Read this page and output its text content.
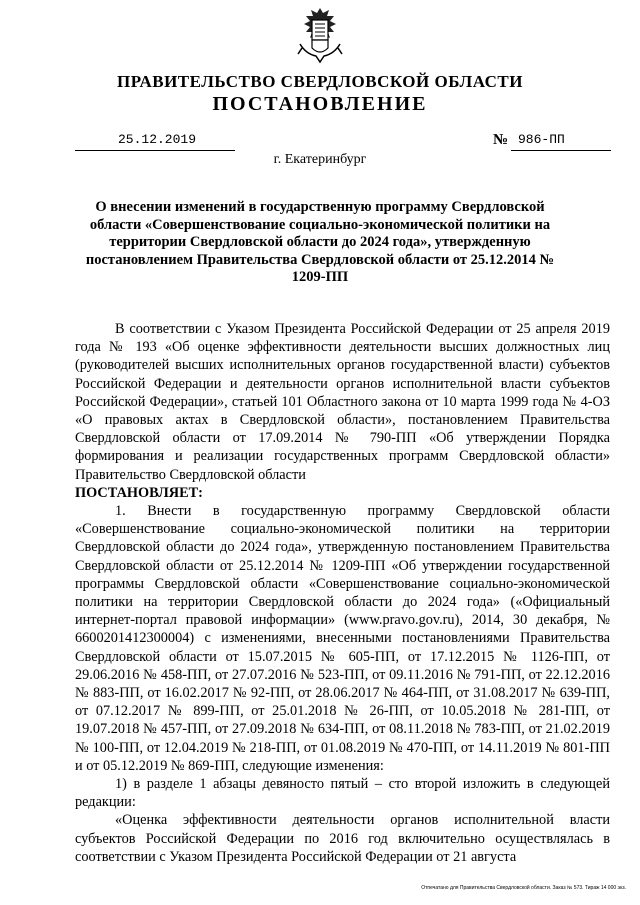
ПРАВИТЕЛЬСТВО СВЕРДЛОВСКОЙ ОБЛАСТИ
ПОСТАНОВЛЕНИЕ
25.12.2019	№ 986-ПП
г. Екатеринбург
О внесении изменений в государственную программу Свердловской области «Совершенствование социально-экономической политики на территории Свердловской области до 2024 года», утвержденную постановлением Правительства Свердловской области от 25.12.2014 № 1209-ПП

В соответствии с Указом Президента Российской Федерации от 25 апреля 2019 года № 193 «Об оценке эффективности деятельности высших должностных лиц (руководителей высших исполнительных органов государственной власти) субъектов Российской Федерации и деятельности органов исполнительной власти субъектов Российской Федерации», статьей 101 Областного закона от 10 марта 1999 года № 4-ОЗ «О правовых актах в Свердловской области», постановлением Правительства Свердловской области от 17.09.2014 № 790-ПП «Об утверждении Порядка формирования и реализации государственных программ Свердловской области» Правительство Свердловской области

ПОСТАНОВЛЯЕТ:

1. Внести в государственную программу Свердловской области «Совершенствование социально-экономической политики на территории Свердловской области до 2024 года», утвержденную постановлением Правительства Свердловской области от 25.12.2014 № 1209-ПП «Об утверждении государственной программы Свердловской области «Совершенствование социально-экономической политики на территории Свердловской области до 2024 года» («Официальный интернет-портал правовой информации» (www.pravo.gov.ru), 2014, 30 декабря, № 6600201412300004) с изменениями, внесенными постановлениями Правительства Свердловской области от 15.07.2015 № 605-ПП, от 17.12.2015 № 1126-ПП, от 29.06.2016 № 458-ПП, от 27.07.2016 № 523-ПП, от 09.11.2016 № 791-ПП, от 22.12.2016 № 883-ПП, от 16.02.2017 № 92-ПП, от 28.06.2017 № 464-ПП, от 31.08.2017 № 639-ПП, от 07.12.2017 № 899-ПП, от 25.01.2018 № 26-ПП, от 10.05.2018 № 281-ПП, от 19.07.2018 № 457-ПП, от 27.09.2018 № 634-ПП, от 08.11.2018 № 783-ПП, от 21.02.2019 № 100-ПП, от 12.04.2019 № 218-ПП, от 01.08.2019 № 470-ПП, от 14.11.2019 № 801-ПП и от 05.12.2019 № 869-ПП, следующие изменения:

1) в разделе 1 абзацы девяносто пятый – сто второй изложить в следующей редакции:

«Оценка эффективности деятельности органов исполнительной власти субъектов Российской Федерации по 2016 год включительно осуществлялась в соответствии с Указом Президента Российской Федерации от 21 августа

Отпечатано для Правительства Свердловской области. Заказ № 573. Тираж 14 000 экз.
